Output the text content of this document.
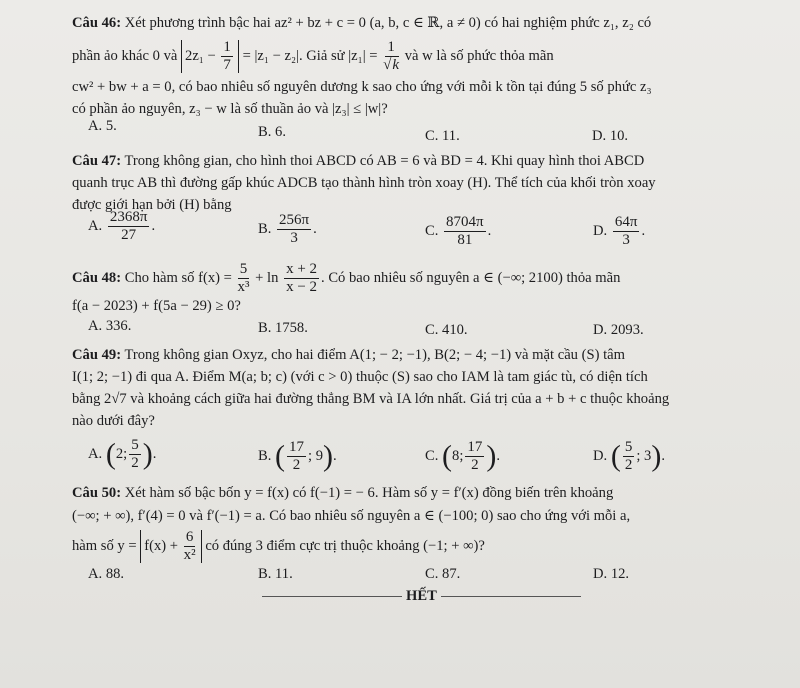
Câu 46: Xét phương trình bậc hai az² + bz + c = 0 (a, b, c ∈ ℝ, a ≠ 0) có hai nghiệm phức z₁, z₂ có
phần ảo khác 0 và $2z_1 - \frac{1}{7} = |z_1 - z_2|$. Giả sử $|z_1| = \frac{1}{√k}$ và w là số phức thỏa mãn
cw² + bw + a = 0, có bao nhiêu số nguyên dương k sao cho ứng với mỗi k tồn tại đúng 5 số phức z₃
có phần ảo nguyên, z₃ − w là số thuần ảo và |z₃| ≤ |w|?
A. 5.	B. 6.	C. 11.	D. 10.
Câu 47: Trong không gian, cho hình thoi ABCD có AB = 6 và BD = 4. Khi quay hình thoi ABCD
quanh trục AB thì đường gấp khúc ADCB tạo thành hình tròn xoay (H). Thể tích của khối tròn xoay
được giới hạn bởi (H) bằng
A. $\frac{2368\pi}{27}$ .	B. $\frac{256\pi}{3}$ .	C. $\frac{8704\pi}{81}$ .	D. $\frac{64\pi}{3}$ .
Câu 48: Cho hàm số $f(x) = \frac{5}{\text{x³}} + \ln \frac{x + 2}{x - 2}$ . Có bao nhiêu số nguyên a ∈ (−∞; 2100) thỏa mãn
f(a − 2023) + f(5a − 29) ≥ 0?
A. 336.	B. 1758.	C. 410.	D. 2093.
Câu 49: Trong không gian Oxyz, cho hai điểm A(1; − 2; −1), B(2; − 4; −1) và mặt cầu (S) tâm
I(1; 2; −1) đi qua A. Điểm M(a; b; c) (với c > 0) thuộc (S) sao cho IAM là tam giác tù, có diện tích
bằng 2√7 và khoảng cách giữa hai đường thẳng BM và IA lớn nhất. Giá trị của a + b + c thuộc khoảng
nào dưới đây?
A. (2; $\frac{5}{2}$ ).	B. ( $\frac{17}{2}$ ; 9).	C. (8; $\frac{17}{2}$ ).	D. ( $\frac{5}{2}$ ; 3).
Câu 50: Xét hàm số bậc bốn y = f(x) có f(−1) = − 6. Hàm số y = f′(x) đồng biến trên khoảng
(−∞; + ∞), f′(4) = 0 và f′(−1) = a. Có bao nhiêu số nguyên a ∈ (−100; 0) sao cho ứng với mỗi a,
hàm số $y = f(x) + \frac{6}{\text{x²}}$ có đúng 3 điểm cực trị thuộc khoảng (−1; + ∞)?
A. 88.	B. 11.	C. 87.	D. 12.
HẾT
